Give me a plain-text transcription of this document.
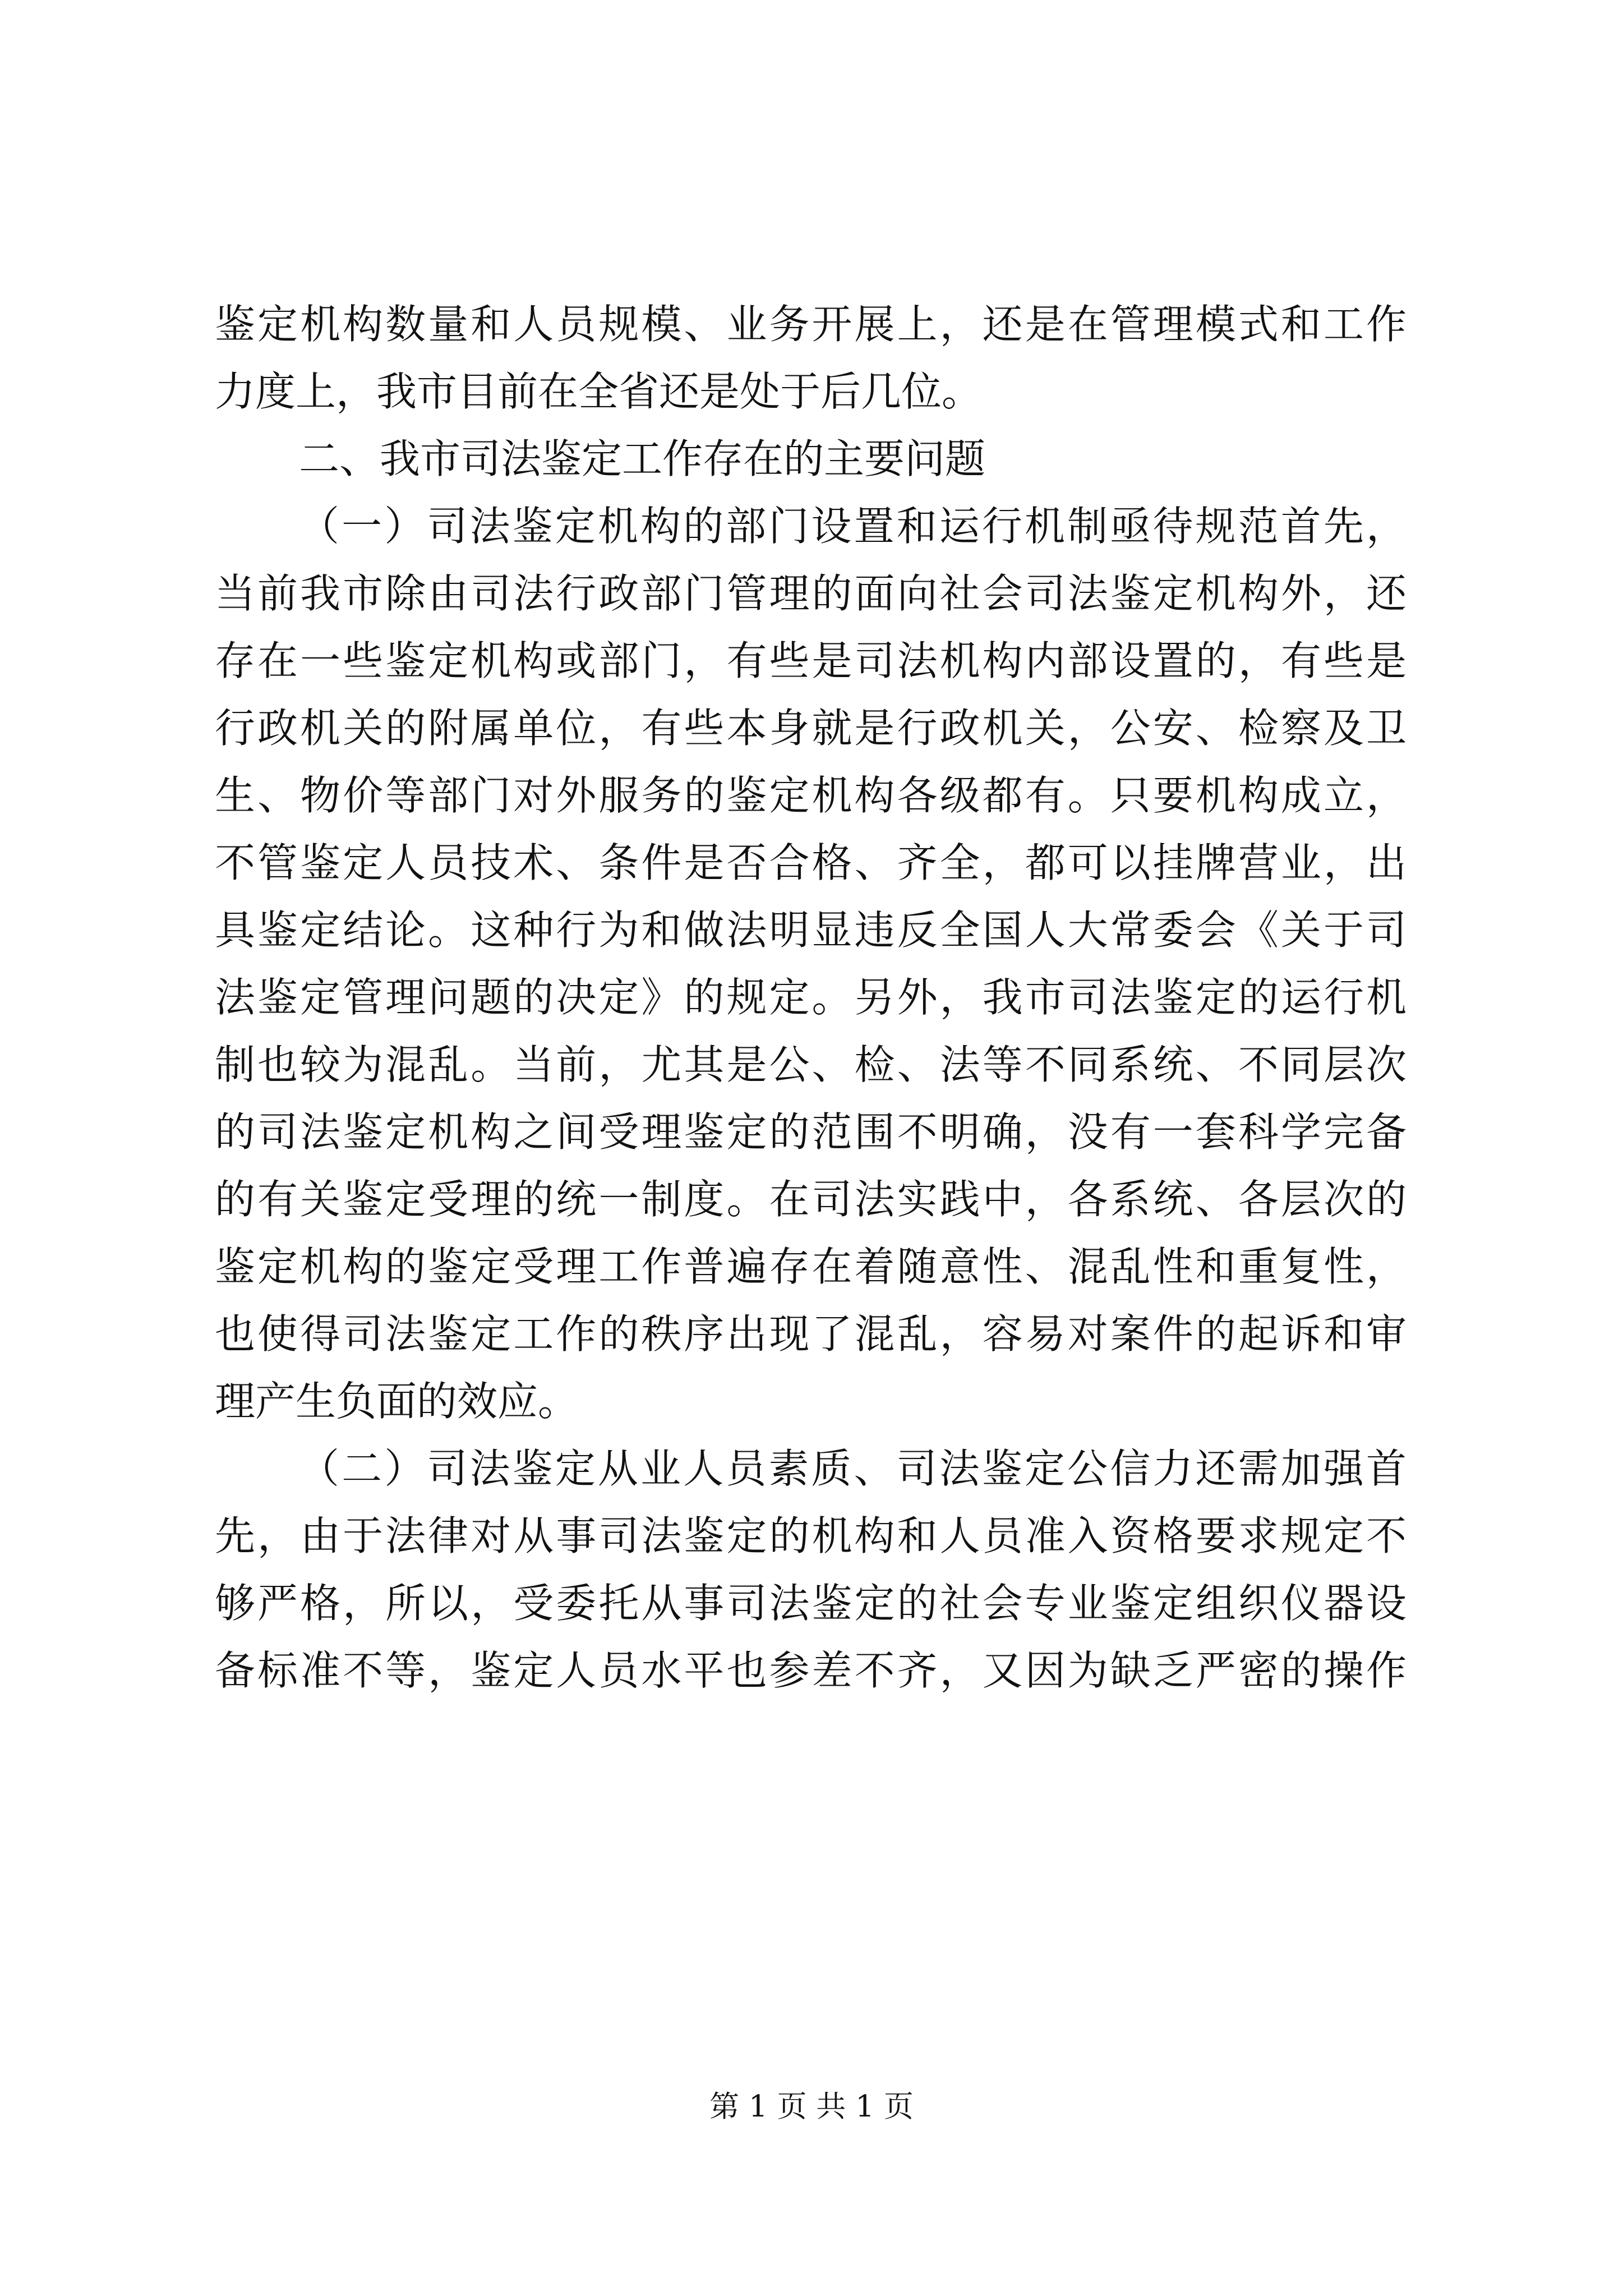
鉴定机构数量和人员规模、业务开展上，还是在管理模式和工作
力度上，我市目前在全省还是处于后几位。
二、我市司法鉴定工作存在的主要问题
（一）司法鉴定机构的部门设置和运行机制亟待规范首先，
当前我市除由司法行政部门管理的面向社会司法鉴定机构外，还
存在一些鉴定机构或部门，有些是司法机构内部设置的，有些是
行政机关的附属单位，有些本身就是行政机关，公安、检察及卫
生、物价等部门对外服务的鉴定机构各级都有。只要机构成立，
不管鉴定人员技术、条件是否合格、齐全，都可以挂牌营业，出
具鉴定结论。这种行为和做法明显违反全国人大常委会《关于司
法鉴定管理问题的决定》的规定。另外，我市司法鉴定的运行机
制也较为混乱。当前，尤其是公、检、法等不同系统、不同层次
的司法鉴定机构之间受理鉴定的范围不明确，没有一套科学完备
的有关鉴定受理的统一制度。在司法实践中，各系统、各层次的
鉴定机构的鉴定受理工作普遍存在着随意性、混乱性和重复性，
也使得司法鉴定工作的秩序出现了混乱，容易对案件的起诉和审
理产生负面的效应。
（二）司法鉴定从业人员素质、司法鉴定公信力还需加强首
先，由于法律对从事司法鉴定的机构和人员准入资格要求规定不
够严格，所以，受委托从事司法鉴定的社会专业鉴定组织仪器设
备标准不等，鉴定人员水平也参差不齐，又因为缺乏严密的操作
第 1 页 共 1 页
